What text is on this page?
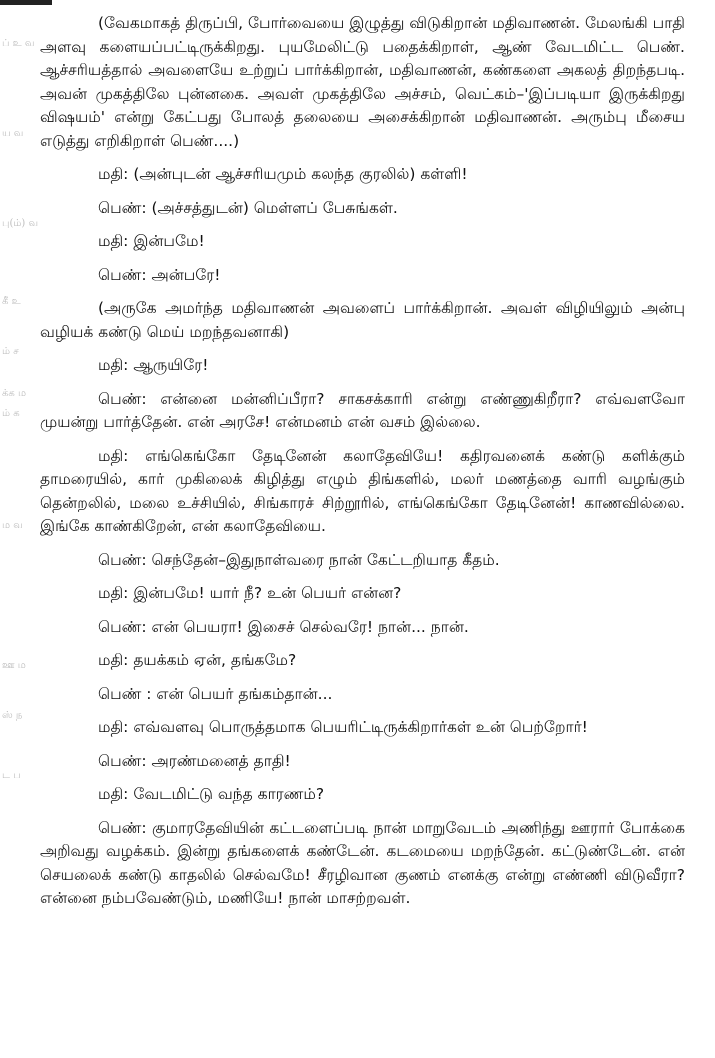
ப் உ வ
ய வ
பு(ம்) வ
கீ உ
ம் ச
க்க ம
ம் க
ம வ
ஊ ம
ஸ் ந
ட ப

(வேகமாகத் திருப்பி, போர்வையை இழுத்து விடுகிறான் மதிவாணன். மேலங்கி பாதி அளவு களையப்பட்டிருக்கிறது. புயமேலிட்டு பதைக்கிறாள், ஆண் வேடமிட்ட பெண். ஆச்சரியத்தால் அவளையே உற்றுப் பார்க்கிறான், மதிவாணன், கண்களை அகலத் திறந்தபடி. அவன் முகத்திலே புன்னகை. அவள் முகத்திலே அச்சம், வெட்கம்–'இப்படியா இருக்கிறது விஷயம்' என்று கேட்பது போலத் தலையை அசைக்கிறான் மதிவாணன். அரும்பு மீசைய எடுத்து எறிகிறாள் பெண்....)

மதி: (அன்புடன் ஆச்சரியமும் கலந்த குரலில்) கள்ளி!

பெண்: (அச்சத்துடன்) மெள்ளப் பேசுங்கள்.

மதி: இன்பமே!

பெண்: அன்பரே!

(அருகே அமர்ந்த மதிவாணன் அவளைப் பார்க்கிறான். அவள் விழியிலும் அன்பு வழியக் கண்டு மெய் மறந்தவனாகி)

மதி: ஆருயிரே!

பெண்: என்னை மன்னிப்பீரா? சாகசக்காரி என்று எண்ணுகிறீரா? எவ்வளவோ முயன்று பார்த்தேன். என் அரசே! என்மனம் என் வசம் இல்லை.

மதி: எங்கெங்கோ தேடினேன் கலாதேவியே! கதிரவனைக் கண்டு களிக்கும் தாமரையில், கார் முகிலைக் கிழித்து எழும் திங்களில், மலர் மணத்தை வாரி வழங்கும் தென்றலில், மலை உச்சியில், சிங்காரச் சிற்றூரில், எங்கெங்கோ தேடினேன்! காணவில்லை. இங்கே காண்கிறேன், என் கலாதேவியை.

பெண்: செந்தேன்–இதுநாள்வரை நான் கேட்டறியாத கீதம்.

மதி: இன்பமே! யார் நீ? உன் பெயர் என்ன?

பெண்: என் பெயரா! இசைச் செல்வரே! நான்... நான்.

மதி: தயக்கம் ஏன், தங்கமே?

பெண் : என் பெயர் தங்கம்தான்...

மதி: எவ்வளவு பொருத்தமாக பெயரிட்டிருக்கிறார்கள் உன் பெற்றோர்!

பெண்: அரண்மனைத் தாதி!

மதி: வேடமிட்டு வந்த காரணம்?

பெண்: குமாரதேவியின் கட்டளைப்படி நான் மாறுவேடம் அணிந்து ஊரார் போக்கை அறிவது வழக்கம். இன்று தங்களைக் கண்டேன். கடமையை மறந்தேன். கட்டுண்டேன். என் செயலைக் கண்டு காதலில் செல்வமே! சீரழிவான குணம் எனக்கு என்று எண்ணி விடுவீரா? என்னை நம்பவேண்டும், மணியே! நான் மாசற்றவள்.
